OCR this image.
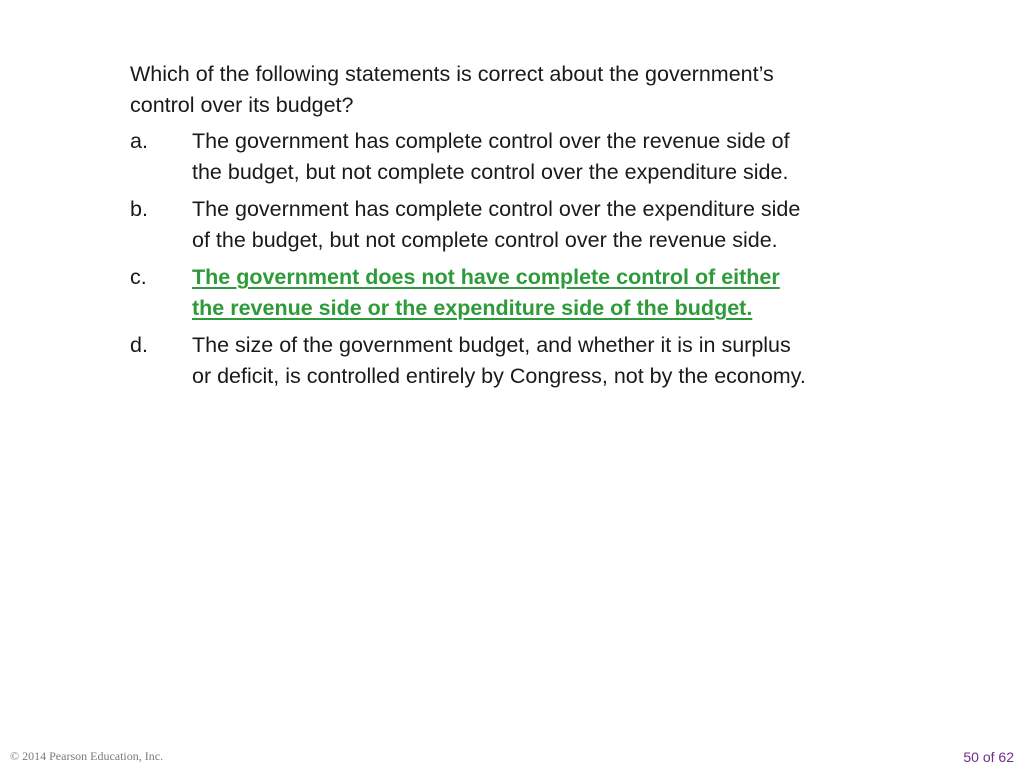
Which of the following statements is correct about the government’s
control over its budget?
a.	The government has complete control over the revenue side of
the budget, but not complete control over the expenditure side.
b.	The government has complete control over the expenditure side
of the budget, but not complete control over the revenue side.
c.	The government does not have complete control of either
the revenue side or the expenditure side of the budget.
d.	The size of the government budget, and whether it is in surplus
or deficit, is controlled entirely by Congress, not by the economy.
© 2014 Pearson Education, Inc.	50 of 62
